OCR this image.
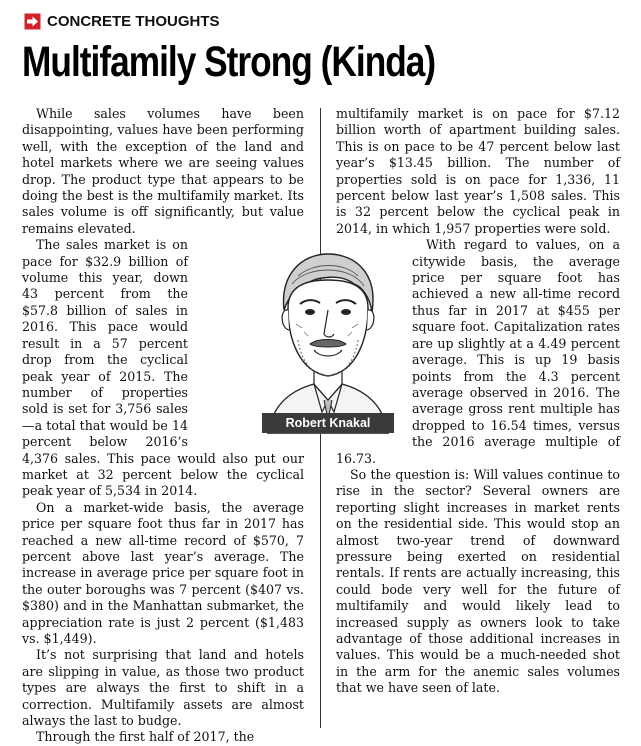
CONCRETE THOUGHTS
Multifamily Strong (Kinda)

While sales volumes have been disappointing, values have been performing well, with the exception of the land and hotel markets where we are seeing values drop. The product type that appears to be doing the best is the multifamily market. Its sales volume is off significantly, but value remains elevated.

The sales market is on pace for $32.9 billion of volume this year, down 43 percent from the $57.8 billion of sales in 2016. This pace would result in a 57 percent drop from the cyclical peak year of 2015. The number of properties sold is set for 3,756 sales—a total that would be 14 percent below 2016’s 4,376 sales. This pace would also put our market at 32 percent below the cyclical peak year of 5,534 in 2014.

On a market-wide basis, the average price per square foot thus far in 2017 has reached a new all-time record of $570, 7 percent above last year’s average. The increase in average price per square foot in the outer boroughs was 7 percent ($407 vs. $380) and in the Manhattan submarket, the appreciation rate is just 2 percent ($1,483 vs. $1,449).

It’s not surprising that land and hotels are slipping in value, as those two product types are always the first to shift in a correction. Multifamily assets are almost always the last to budge.

Through the first half of 2017, the

multifamily market is on pace for $7.12 billion worth of apartment building sales. This is on pace to be 47 percent below last year’s $13.45 billion. The number of properties sold is on pace for 1,336, 11 percent below last year’s 1,508 sales. This is 32 percent below the cyclical peak in 2014, in which 1,957 properties were sold.

With regard to values, on a citywide basis, the average price per square foot has achieved a new all-time record thus far in 2017 at $455 per square foot. Capitalization rates are up slightly at a 4.49 percent average. This is up 19 basis points from the 4.3 percent average observed in 2016. The average gross rent multiple has dropped to 16.54 times, versus the 2016 average multiple of 16.73.

So the question is: Will values continue to rise in the sector? Several owners are reporting slight increases in market rents on the residential side. This would stop an almost two-year trend of downward pressure being exerted on residential rentals. If rents are actually increasing, this could bode very well for the future of multifamily and would likely lead to increased supply as owners look to take advantage of those additional increases in values. This would be a much-needed shot in the arm for the anemic sales volumes that we have seen of late.

Robert Knakal
